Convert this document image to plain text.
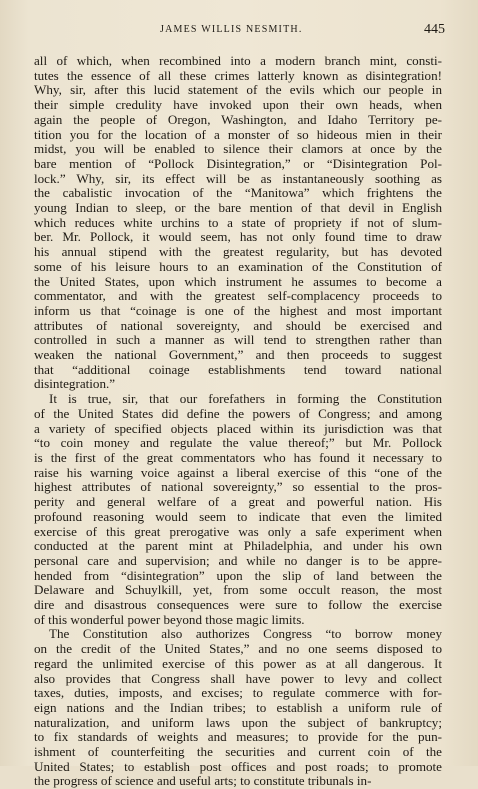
JAMES WILLIS NESMITH.	445

all of which, when recombined into a modern branch mint, consti-
tutes the essence of all these crimes latterly known as disintegration!
Why, sir, after this lucid statement of the evils which our people in
their simple credulity have invoked upon their own heads, when
again the people of Oregon, Washington, and Idaho Territory pe-
tition you for the location of a monster of so hideous mien in their
midst, you will be enabled to silence their clamors at once by the
bare mention of “Pollock Disintegration,” or “Disintegration Pol-
lock.” Why, sir, its effect will be as instantaneously soothing as
the cabalistic invocation of the “Manitowa” which frightens the
young Indian to sleep, or the bare mention of that devil in English
which reduces white urchins to a state of propriety if not of slum-
ber. Mr. Pollock, it would seem, has not only found time to draw
his annual stipend with the greatest regularity, but has devoted
some of his leisure hours to an examination of the Constitution of
the United States, upon which instrument he assumes to become a
commentator, and with the greatest self-complacency proceeds to
inform us that “coinage is one of the highest and most important
attributes of national sovereignty, and should be exercised and
controlled in such a manner as will tend to strengthen rather than
weaken the national Government,” and then proceeds to suggest
that “additional coinage establishments tend toward national
disintegration.”

It is true, sir, that our forefathers in forming the Constitution
of the United States did define the powers of Congress; and among
a variety of specified objects placed within its jurisdiction was that
“to coin money and regulate the value thereof;” but Mr. Pollock
is the first of the great commentators who has found it necessary to
raise his warning voice against a liberal exercise of this “one of the
highest attributes of national sovereignty,” so essential to the pros-
perity and general welfare of a great and powerful nation. His
profound reasoning would seem to indicate that even the limited
exercise of this great prerogative was only a safe experiment when
conducted at the parent mint at Philadelphia, and under his own
personal care and supervision; and while no danger is to be appre-
hended from “disintegration” upon the slip of land between the
Delaware and Schuylkill, yet, from some occult reason, the most
dire and disastrous consequences were sure to follow the exercise
of this wonderful power beyond those magic limits.

The Constitution also authorizes Congress “to borrow money
on the credit of the United States,” and no one seems disposed to
regard the unlimited exercise of this power as at all dangerous. It
also provides that Congress shall have power to levy and collect
taxes, duties, imposts, and excises; to regulate commerce with for-
eign nations and the Indian tribes; to establish a uniform rule of
naturalization, and uniform laws upon the subject of bankruptcy;
to fix standards of weights and measures; to provide for the pun-
ishment of counterfeiting the securities and current coin of the
United States; to establish post offices and post roads; to promote
the progress of science and useful arts; to constitute tribunals in-
